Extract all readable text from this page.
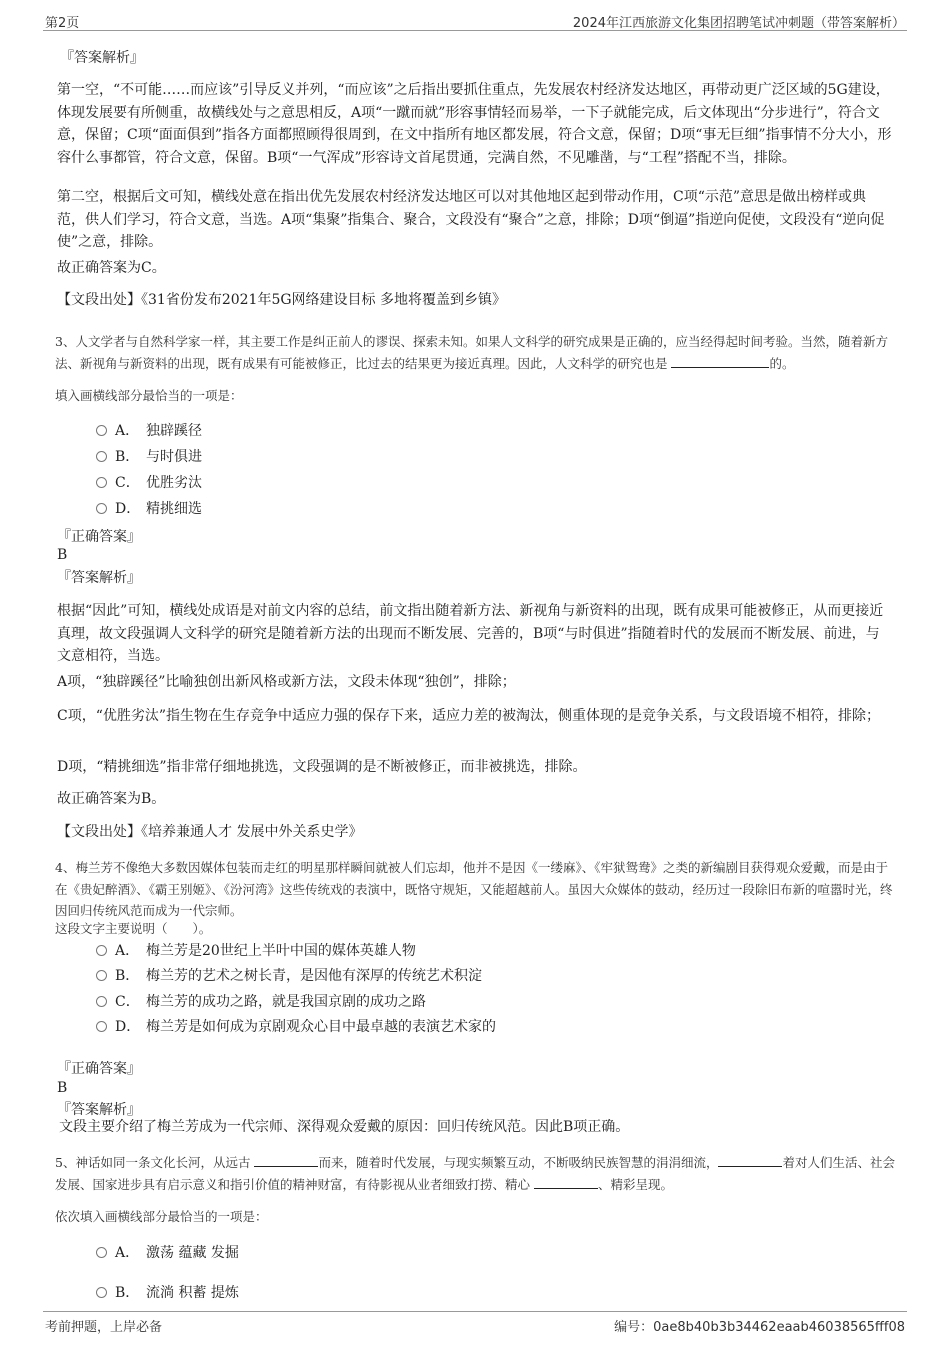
第2页	2024年江西旅游文化集团招聘笔试冲刺题（带答案解析）
『答案解析』

第一空，“不可能……而应该”引导反义并列，“而应该”之后指出要抓住重点，先发展农村经济发达地区，再带动更广泛区域的5G建设，体现发展要有所侧重，故横线处与之意思相反，A项“一蹴而就”形容事情轻而易举，一下子就能完成，后文体现出“分步进行”，符合文意，保留；C项“面面俱到”指各方面都照顾得很周到，在文中指所有地区都发展，符合文意，保留；D项“事无巨细”指事情不分大小，形容什么事都管，符合文意，保留。B项“一气浑成”形容诗文首尾贯通，完满自然，不见雕凿，与“工程”搭配不当，排除。

第二空，根据后文可知，横线处意在指出优先发展农村经济发达地区可以对其他地区起到带动作用，C项“示范”意思是做出榜样或典范，供人们学习，符合文意，当选。A项“集聚”指集合、聚合，文段没有“聚合”之意，排除；D项“倒逼”指逆向促使，文段没有“逆向促使”之意，排除。

故正确答案为C。
【文段出处】《31省份发布2021年5G网络建设目标 多地将覆盖到乡镇》

3、人文学者与自然科学家一样，其主要工作是纠正前人的谬误、探索未知。如果人文科学的研究成果是正确的，应当经得起时间考验。当然，随着新方法、新视角与新资料的出现，既有成果有可能被修正，比过去的结果更为接近真理。因此，人文科学的研究也是	的。

填入画横线部分最恰当的一项是：
A． 独辟蹊径
B． 与时俱进
C． 优胜劣汰
D． 精挑细选
『正确答案』
B
『答案解析』

根据“因此”可知，横线处成语是对前文内容的总结，前文指出随着新方法、新视角与新资料的出现，既有成果可能被修正，从而更接近真理，故文段强调人文科学的研究是随着新方法的出现而不断发展、完善的，B项“与时俱进”指随着时代的发展而不断发展、前进，与文意相符，当选。

A项，“独辟蹊径”比喻独创出新风格或新方法，文段未体现“独创”，排除；

C项，“优胜劣汰”指生物在生存竞争中适应力强的保存下来，适应力差的被淘汰，侧重体现的是竞争关系，与文段语境不相符，排除；

D项，“精挑细选”指非常仔细地挑选，文段强调的是不断被修正，而非被挑选，排除。

故正确答案为B。
【文段出处】《培养兼通人才 发展中外关系史学》

4、梅兰芳不像绝大多数因媒体包装而走红的明星那样瞬间就被人们忘却，他并不是因《一缕麻》、《牢狱鸳鸯》之类的新编剧目获得观众爱戴，而是由于在《贵妃醉酒》、《霸王别姬》、《汾河湾》这些传统戏的表演中，既恪守规矩，又能超越前人。虽因大众媒体的鼓动，经历过一段除旧布新的喧嚣时光，终因回归传统风范而成为一代宗师。

这段文字主要说明（　　）。
A． 梅兰芳是20世纪上半叶中国的媒体英雄人物
B． 梅兰芳的艺术之树长青，是因他有深厚的传统艺术积淀
C． 梅兰芳的成功之路，就是我国京剧的成功之路
D． 梅兰芳是如何成为京剧观众心目中最卓越的表演艺术家的
『正确答案』
B
『答案解析』
文段主要介绍了梅兰芳成为一代宗师、深得观众爱戴的原因：回归传统风范。因此B项正确。

5、神话如同一条文化长河，从远古	而来，随着时代发展，与现实频繁互动，不断吸纳民族智慧的涓涓细流，	着对人们生活、社会发展、国家进步具有启示意义和指引价值的精神财富，有待影视从业者细致打捞、精心	、精彩呈现。

依次填入画横线部分最恰当的一项是：
A． 激荡 蕴藏 发掘
B． 流淌 积蓄 提炼
考前押题，上岸必备	编号：0ae8b40b3b34462eaab46038565fff08
